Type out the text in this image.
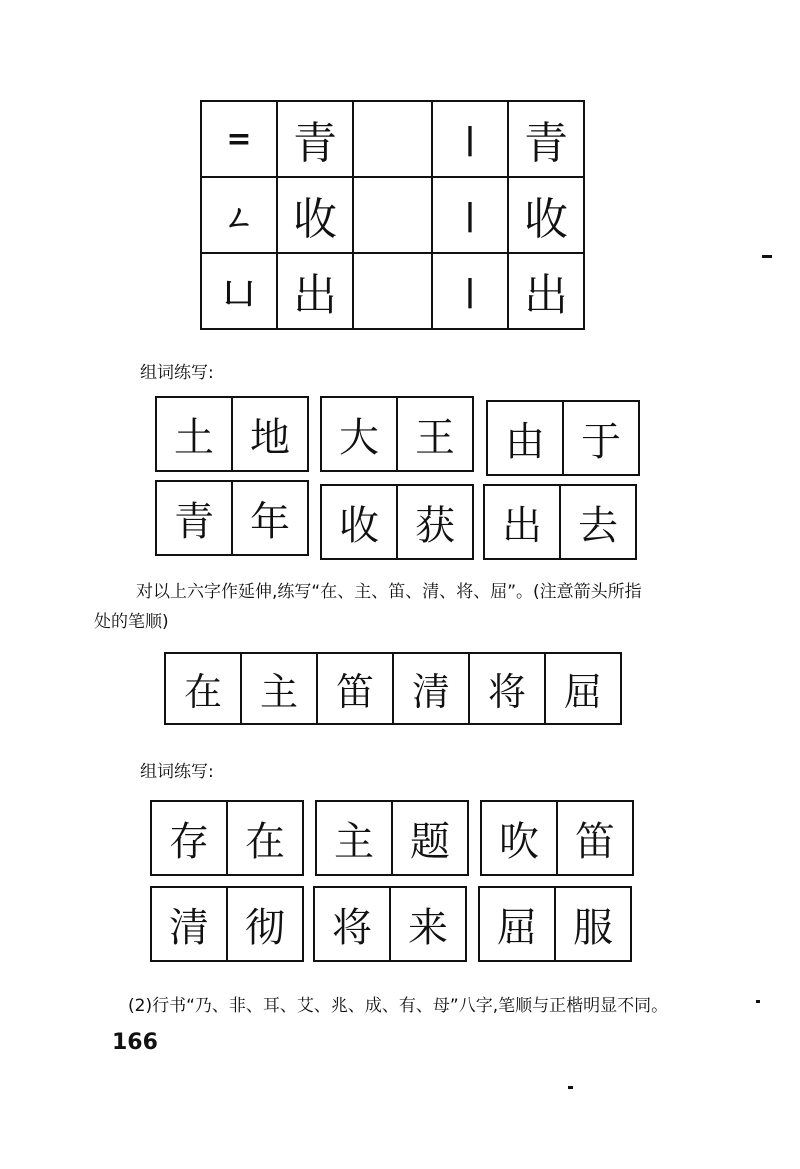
=	青		|	青
ㄥ	收		|	收
凵	出		|	出
组词练写:
土 地	大 王	由 于
青 年	收 获	出 去
对以上六字作延伸,练写“在、主、笛、清、将、屈”。(注意箭头所指
处的笔顺)
在 主 笛 清 将 屈
组词练写:
存 在	主 题	吹 笛
清 彻	将 来	屈 服
(2)行书“乃、非、耳、艾、兆、成、有、母”八字,笔顺与正楷明显不同。
166
